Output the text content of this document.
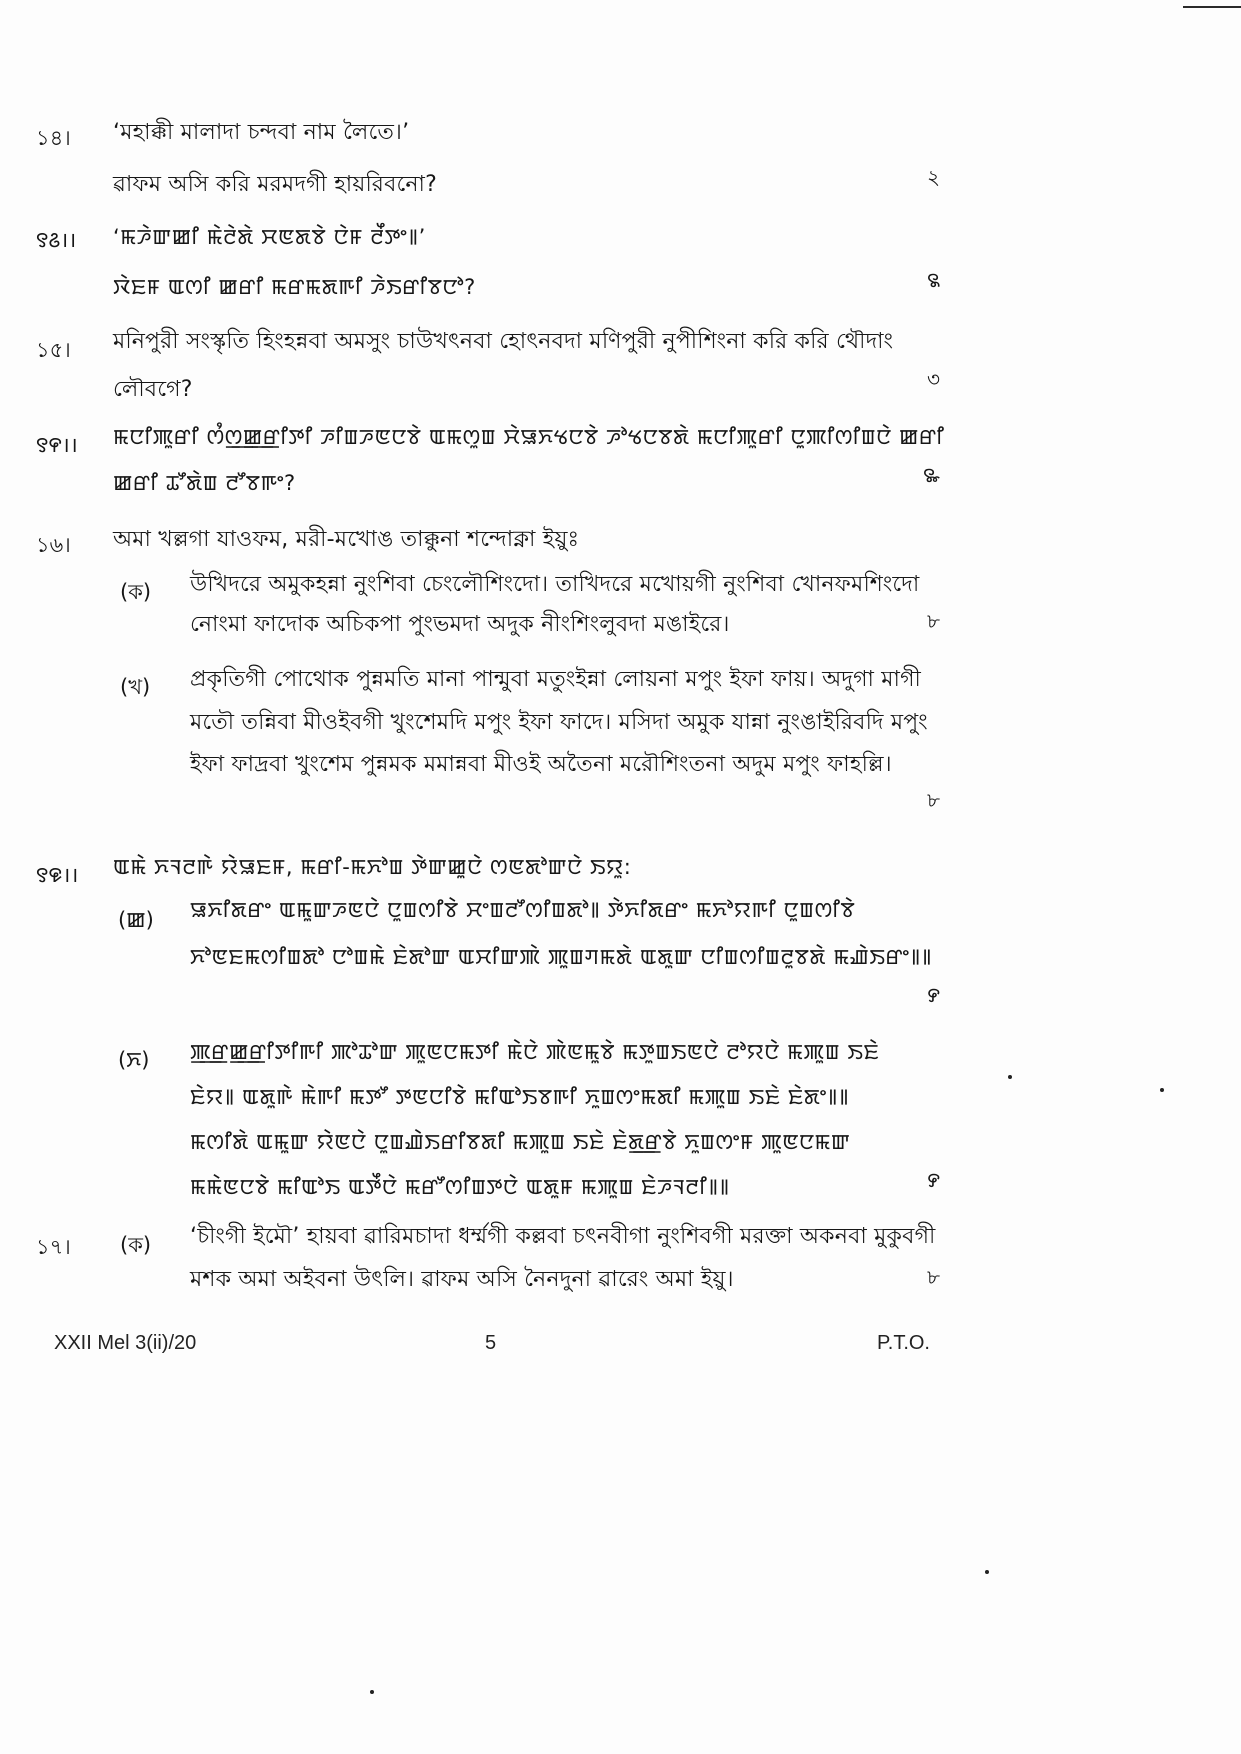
১৪। ‘মহাক্কী মালাদা চন্দবা নাম লৈতে।’
ৱাফম অসি করি মরমদগী হায়রিবনো?	২
꯱꯴।। ‘ꯃꯍꯥꯛꯀꯤ ꯃꯥꯂꯥꯗꯥ ꯆꯟꯗꯕꯥ ꯅꯥꯝ ꯂꯩꯇꯦ꯫’
ꯋꯥꯐꯝ ꯑꯁꯤ ꯀꯔꯤ ꯃꯔꯃꯗꯒꯤ ꯍꯥꯏꯔꯤꯕꯅꯣ?	꯲
১৫। মনিপুরী সংস্কৃতি হিংহন্নবা অমসুং চাউখৎনবা হোৎনবদা মণিপুরী নুপীশিংনা করি করি থৌদাং
লৌবগে?	৩
꯱꯵।। ꯃꯅꯤꯄꯨꯔꯤ ꯁꯪꯁ꯭ꯀ꯭ꯔꯤꯇꯤ ꯍꯤꯡꯍꯟꯅꯕꯥ ꯑꯃꯁꯨꯡ ꯆꯥꯎꯈꯠꯅꯕꯥ ꯍꯣꯠꯅꯕꯗꯥ ꯃꯅꯤꯄꯨꯔꯤ ꯅꯨꯄꯤꯁꯤꯡꯅꯥ ꯀꯔꯤ
ꯀꯔꯤ ꯊꯧꯗꯥꯡ ꯂꯧꯕꯒꯦ?	꯳
১৬। অমা খল্লগা যাওফম, মরী-মখোঙ তাক্কুনা শন্দোক্না ইয়ুঃ
(ক) উখিদরে অমুকহন্না নুংশিবা চেংলৌশিংদো। তাখিদরে মখোয়গী নুংশিবা খোনফমশিংদো
নোংমা ফাদোক অচিকপা পুংভমদা অদুক নীংশিংলুবদা মঙাইরে।	৮
(খ) প্রকৃতিগী পোথোক পুন্নমতি মানা পান্মুবা মতুংইন্না লোয়না মপুং ইফা ফায়। অদুগা মাগী
মতৌ তন্নিবা মীওইবগী খুংশেমদি মপুং ইফা ফাদে। মসিদা অমুক যান্না নুংঙাইরিবদি মপুং
ইফা ফাদ্রবা খুংশেম পুন্নমক মমান্নবা মীওই অতৈনা মরৌশিংতনা অদুম মপুং ফাহল্লি।
৮
꯱꯶।। ꯑꯃꯥ ꯈꯜꯂꯒꯥ ꯌꯥꯎꯐꯝ, ꯃꯔꯤ-ꯃꯈꯣꯡ ꯇꯥꯛꯀꯨꯅꯥ ꯁꯟꯗꯣꯛꯅꯥ ꯏꯌꯨ:
(ꯀ) ꯎꯈꯤꯗꯔꯦ ꯑꯃꯨꯛꯍꯟꯅꯥ ꯅꯨꯡꯁꯤꯕꯥ ꯆꯦꯡꯂꯧꯁꯤꯡꯗꯣ꯫ ꯇꯥꯈꯤꯗꯔꯦ ꯃꯈꯣꯌꯒꯤ ꯅꯨꯡꯁꯤꯕꯥ
ꯈꯣꯟꯐꯃꯁꯤꯡꯗꯣ ꯅꯣꯡꯃꯥ ꯐꯥꯗꯣꯛ ꯑꯆꯤꯛꯄꯥ ꯄꯨꯡꯚꯃꯗꯥ ꯑꯗꯨꯛ ꯅꯤꯡꯁꯤꯡꯂꯨꯕꯗꯥ ꯃꯉꯥꯏꯔꯦ꯫꯫
꯸
(ꯈ) ꯄ꯭ꯔꯀ꯭ꯔꯤꯇꯤꯒꯤ ꯄꯣꯊꯣꯛ ꯄꯨꯟꯅꯃꯇꯤ ꯃꯥꯅꯥ ꯄꯥꯟꯃꯨꯕꯥ ꯃꯇꯨꯡꯏꯟꯅꯥ ꯂꯣꯌꯅꯥ ꯃꯄꯨꯡ ꯏꯐꯥ
ꯐꯥꯌ꯫ ꯑꯗꯨꯒꯥ ꯃꯥꯒꯤ ꯃꯇꯧ ꯇꯟꯅꯤꯕꯥ ꯃꯤꯑꯣꯏꯕꯒꯤ ꯈꯨꯡꯁꯦꯃꯗꯤ ꯃꯄꯨꯡ ꯏꯐꯥ ꯐꯥꯗꯦ꯫꯫
ꯃꯁꯤꯗꯥ ꯑꯃꯨꯛ ꯌꯥꯟꯅꯥ ꯅꯨꯡꯉꯥꯏꯔꯤꯕꯗꯤ ꯃꯄꯨꯡ ꯏꯐꯥ ꯐꯥꯗ꯭ꯔꯕꯥ ꯈꯨꯡꯁꯦꯝ ꯄꯨꯟꯅꯃꯛ
ꯃꯃꯥꯟꯅꯕꯥ ꯃꯤꯑꯣꯏ ꯑꯇꯩꯅꯥ ꯃꯔꯧꯁꯤꯡꯇꯅꯥ ꯑꯗꯨꯝ ꯃꯄꯨꯡ ꯐꯥꯍꯜꯂꯤ꯫꯫	꯸
১৭। (ক) ‘চীংগী ইমৌ’ হায়বা ৱারিমচাদা ধর্ম্মগী কল্লবা চৎনবীগা নুংশিবগী মরক্তা অকনবা মুকুবগী
মশক অমা অইবনা উৎলি। ৱাফম অসি নৈনদুনা ৱারেং অমা ইয়ু।	৮
XXII Mel 3(ii)/20	5	P.T.O.
